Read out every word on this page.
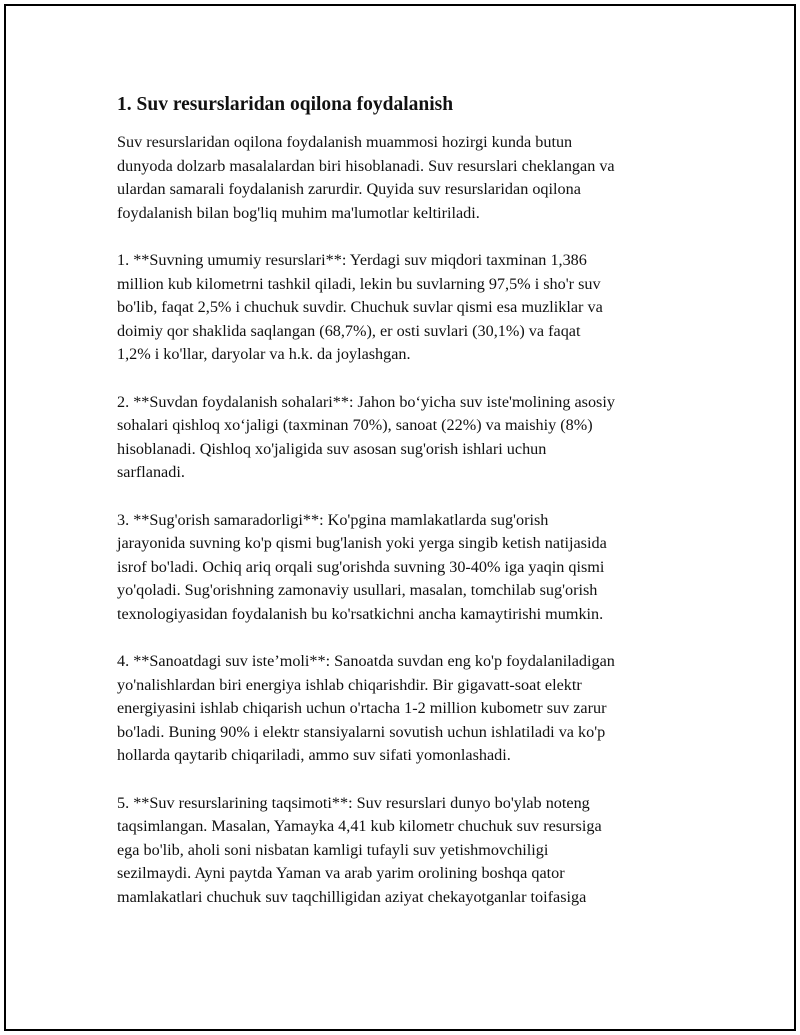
1. Suv resurslaridan oqilona foydalanish
Suv resurslaridan oqilona foydalanish muammosi hozirgi kunda butun
dunyoda dolzarb masalalardan biri hisoblanadi. Suv resurslari cheklangan va
ulardan samarali foydalanish zarurdir. Quyida suv resurslaridan oqilona
foydalanish bilan bog'liq muhim ma'lumotlar keltiriladi.
1. **Suvning umumiy resurslari**: Yerdagi suv miqdori taxminan 1,386
million kub kilometrni tashkil qiladi, lekin bu suvlarning 97,5% i sho'r suv
bo'lib, faqat 2,5% i chuchuk suvdir. Chuchuk suvlar qismi esa muzliklar va
doimiy qor shaklida saqlangan (68,7%), er osti suvlari (30,1%) va faqat
1,2% i ko'llar, daryolar va h.k. da joylashgan.
2. **Suvdan foydalanish sohalari**: Jahon bo‘yicha suv iste'molining asosiy
sohalari qishloq xo‘jaligi (taxminan 70%), sanoat (22%) va maishiy (8%)
hisoblanadi. Qishloq xo'jaligida suv asosan sug'orish ishlari uchun
sarflanadi.
3. **Sug'orish samaradorligi**: Ko'pgina mamlakatlarda sug'orish
jarayonida suvning ko'p qismi bug'lanish yoki yerga singib ketish natijasida
isrof bo'ladi. Ochiq ariq orqali sug'orishda suvning 30-40% iga yaqin qismi
yo'qoladi. Sug'orishning zamonaviy usullari, masalan, tomchilab sug'orish
texnologiyasidan foydalanish bu ko'rsatkichni ancha kamaytirishi mumkin.
4. **Sanoatdagi suv iste’moli**: Sanoatda suvdan eng ko'p foydalaniladigan
yo'nalishlardan biri energiya ishlab chiqarishdir. Bir gigavatt-soat elektr
energiyasini ishlab chiqarish uchun o'rtacha 1-2 million kubometr suv zarur
bo'ladi. Buning 90% i elektr stansiyalarni sovutish uchun ishlatiladi va ko'p
hollarda qaytarib chiqariladi, ammo suv sifati yomonlashadi.
5. **Suv resurslarining taqsimoti**: Suv resurslari dunyo bo'ylab noteng
taqsimlangan. Masalan, Yamayka 4,41 kub kilometr chuchuk suv resursiga
ega bo'lib, aholi soni nisbatan kamligi tufayli suv yetishmovchiligi
sezilmaydi. Ayni paytda Yaman va arab yarim orolining boshqa qator
mamlakatlari chuchuk suv taqchilligidan aziyat chekayotganlar toifasiga
